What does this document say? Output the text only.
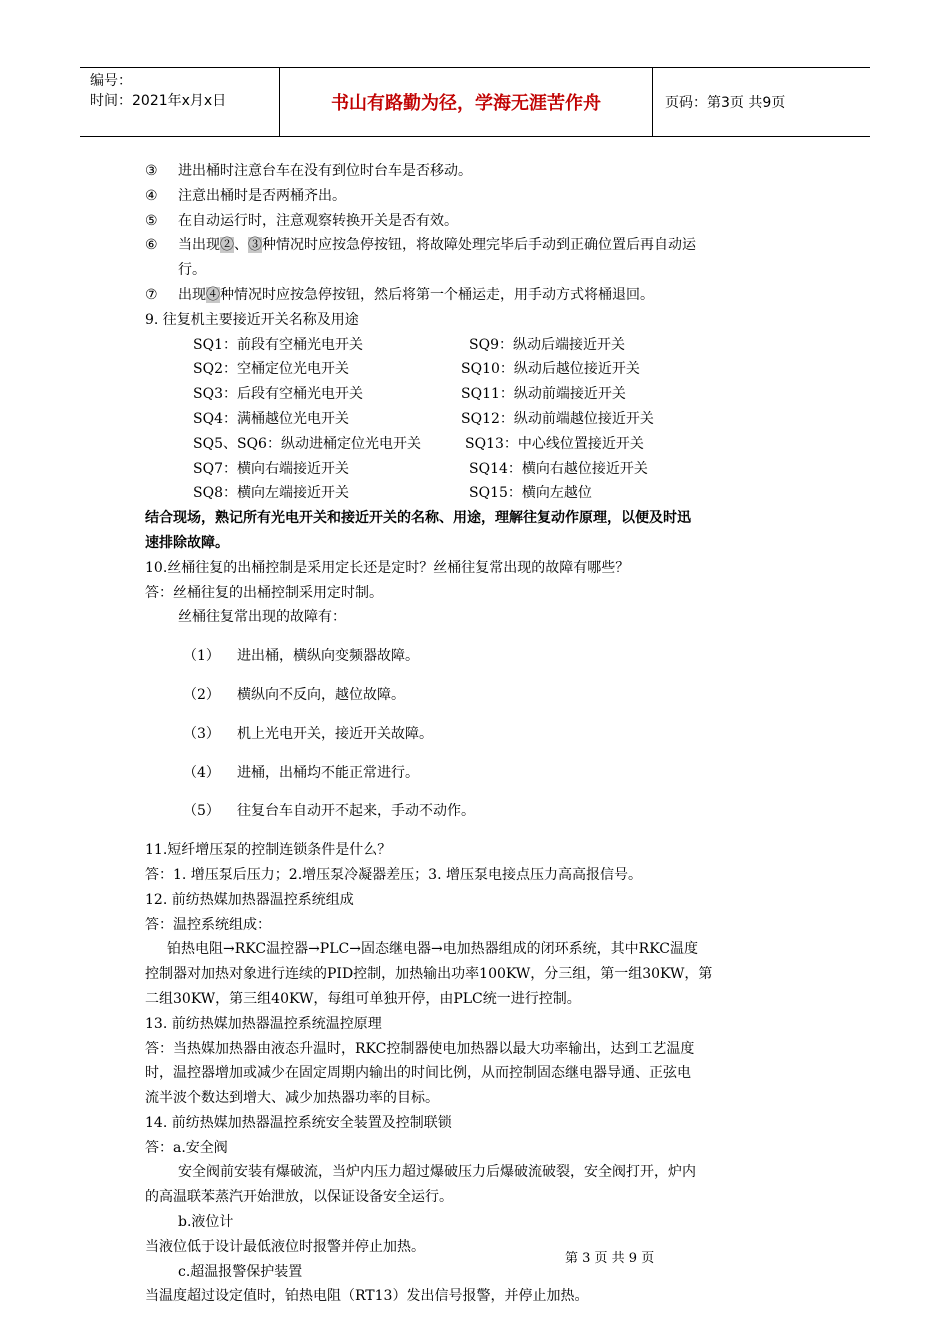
编号：
时间：2021年x月x日	书山有路勤为径，学海无涯苦作舟	页码：第3页 共9页

③ 进出桶时注意台车在没有到位时台车是否移动。

④ 注意出桶时是否两桶齐出。

⑤ 在自动运行时，注意观察转换开关是否有效。

⑥ 当出现②、③种情况时应按急停按钮，将故障处理完毕后手动到正确位置后再自动运

行。

⑦ 出现④种情况时应按急停按钮，然后将第一个桶运走，用手动方式将桶退回。

9. 往复机主要接近开关名称及用途

SQ1：前段有空桶光电开关	SQ9：纵动后端接近开关
SQ2：空桶定位光电开关	SQ10：纵动后越位接近开关
SQ3：后段有空桶光电开关	SQ11：纵动前端接近开关
SQ4：满桶越位光电开关	SQ12：纵动前端越位接近开关
SQ5、SQ6：纵动进桶定位光电开关	SQ13：中心线位置接近开关
SQ7：横向右端接近开关	SQ14：横向右越位接近开关
SQ8：横向左端接近开关	SQ15：横向左越位

结合现场，熟记所有光电开关和接近开关的名称、用途，理解往复动作原理，以便及时迅

速排除故障。

10.丝桶往复的出桶控制是采用定长还是定时？丝桶往复常出现的故障有哪些？

答：丝桶往复的出桶控制采用定时制。

丝桶往复常出现的故障有：

（1） 进出桶，横纵向变频器故障。

（2） 横纵向不反向，越位故障。

（3） 机上光电开关，接近开关故障。

（4） 进桶，出桶均不能正常进行。

（5） 往复台车自动开不起来，手动不动作。

11.短纤增压泵的控制连锁条件是什么？

答：1. 增压泵后压力；2.增压泵冷凝器差压；3. 增压泵电接点压力高高报信号。

12. 前纺热媒加热器温控系统组成

答：温控系统组成：

铂热电阻→RKC温控器→PLC→固态继电器→电加热器组成的闭环系统，其中RKC温度

控制器对加热对象进行连续的PID控制，加热输出功率100KW，分三组，第一组30KW，第

二组30KW，第三组40KW，每组可单独开停，由PLC统一进行控制。

13. 前纺热媒加热器温控系统温控原理

答：当热媒加热器由液态升温时，RKC控制器使电加热器以最大功率输出，达到工艺温度

时，温控器增加或减少在固定周期内输出的时间比例，从而控制固态继电器导通、正弦电

流半波个数达到增大、减少加热器功率的目标。

14. 前纺热媒加热器温控系统安全装置及控制联锁

答：a.安全阀

安全阀前安装有爆破流，当炉内压力超过爆破压力后爆破流破裂，安全阀打开，炉内

的高温联苯蒸汽开始泄放，以保证设备安全运行。

b.液位计

当液位低于设计最低液位时报警并停止加热。

c.超温报警保护装置

当温度超过设定值时，铂热电阻（RT13）发出信号报警，并停止加热。

第 3 页 共 9 页
